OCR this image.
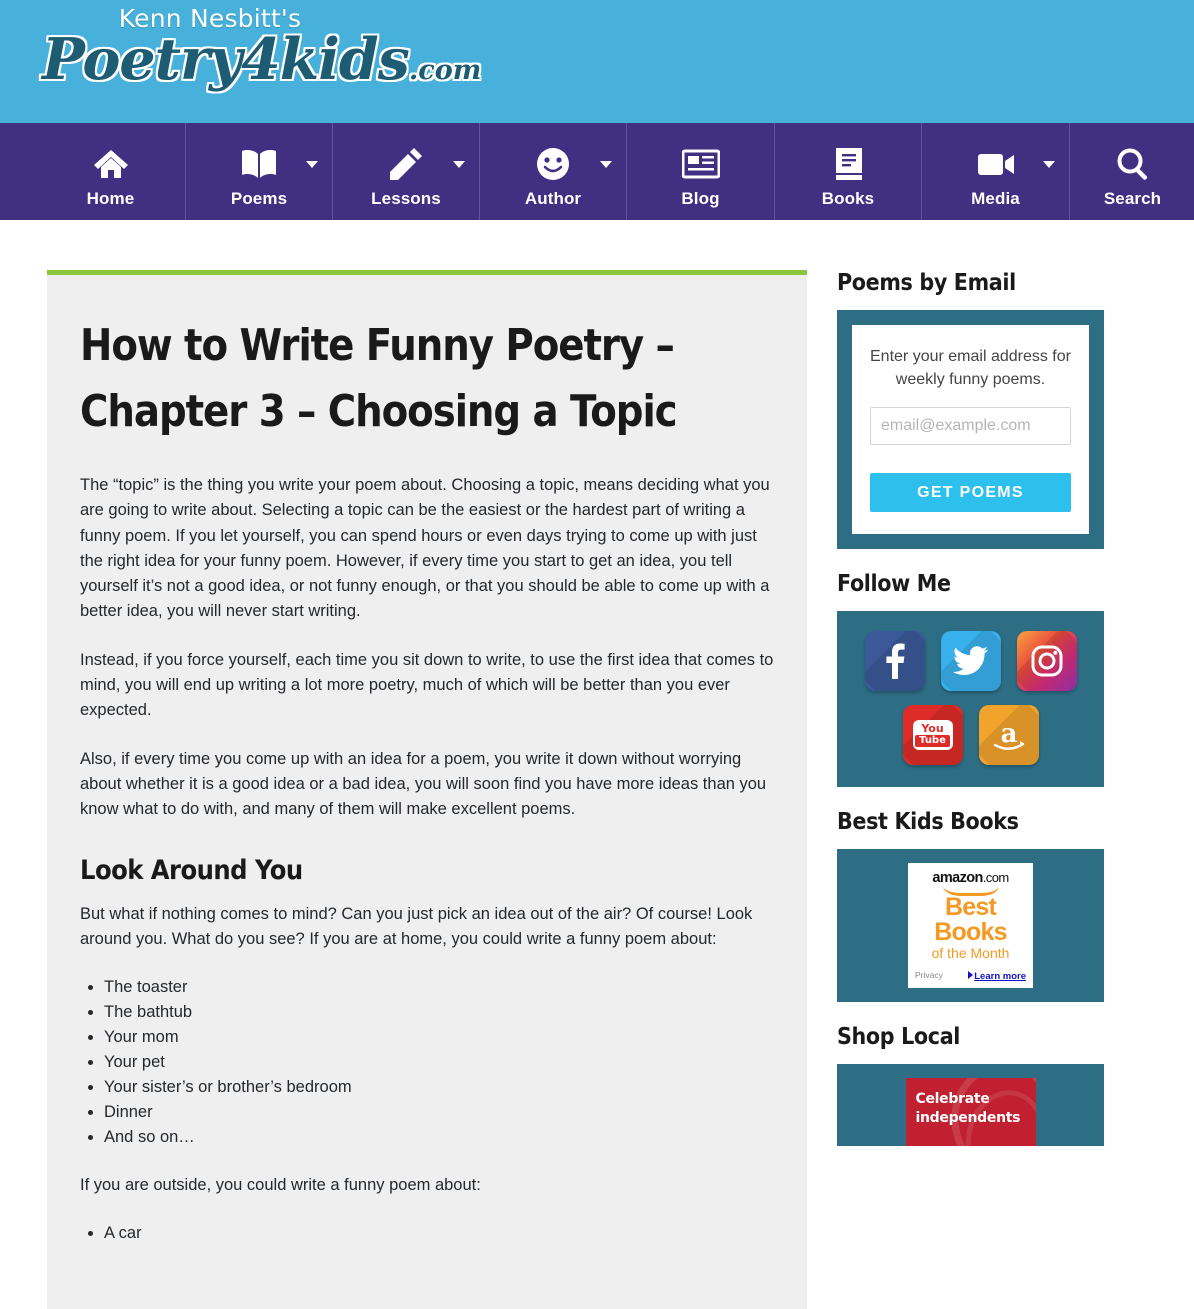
Kenn Nesbitt's
Poetry4kids.com
Home	Poems	Lessons	Author	Blog	Books	Media	Search
How to Write Funny Poetry – Chapter 3 – Choosing a Topic

The “topic” is the thing you write your poem about. Choosing a topic, means deciding what you are going to write about. Selecting a topic can be the easiest or the hardest part of writing a funny poem. If you let yourself, you can spend hours or even days trying to come up with just the right idea for your funny poem. However, if every time you start to get an idea, you tell yourself it’s not a good idea, or not funny enough, or that you should be able to come up with a better idea, you will never start writing.

Instead, if you force yourself, each time you sit down to write, to use the first idea that comes to mind, you will end up writing a lot more poetry, much of which will be better than you ever expected.

Also, if every time you come up with an idea for a poem, you write it down without worrying about whether it is a good idea or a bad idea, you will soon find you have more ideas than you know what to do with, and many of them will make excellent poems.

Look Around You

But what if nothing comes to mind? Can you just pick an idea out of the air? Of course! Look around you. What do you see? If you are at home, you could write a funny poem about:

• The toaster
• The bathtub
• Your mom
• Your pet
• Your sister’s or brother’s bedroom
• Dinner
• And so on…

If you are outside, you could write a funny poem about:

• A car
Poems by Email

Enter your email address for weekly funny poems.

email@example.com
GET POEMS
Follow Me
You
Tube a
Best Kids Books
amazon.com
Best
Books
of the Month
Privacy	Learn more
Shop Local
Celebrate
independents
